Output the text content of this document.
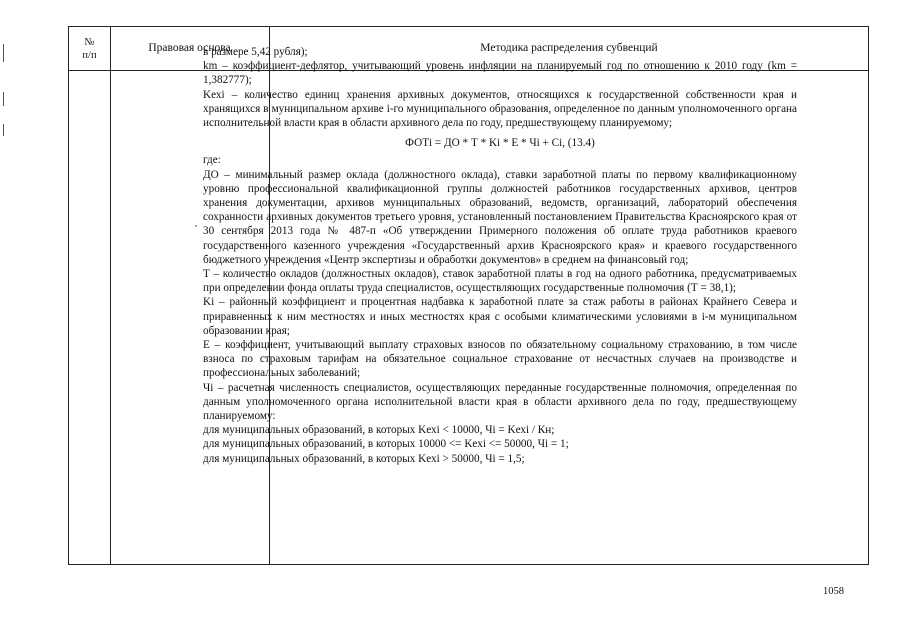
№
п/п
Правовая основа	Методика распределения субвенций

в размере 5,42 рубля);

km – коэффициент-дефлятор, учитывающий уровень инфляции на планируемый год по отношению к 2010 году (km = 1,382777);

Kехi – количество единиц хранения архивных документов, относящихся к государственной собственности края и хранящихся в муниципальном архиве i-го муниципального образования, определенное по данным уполномоченного органа исполнительной власти края в области архивного дела по году, предшествующему планируемому;

ФОТi = ДО * Т * Ki * Е * Чi + Ci, (13.4)

где:

ДО – минимальный размер оклада (должностного оклада), ставки заработной платы по первому квалификационному уровню профессиональной квалификационной группы должностей работников государственных архивов, центров хранения документации, архивов муниципальных образований, ведомств, организаций, лабораторий обеспечения сохранности архивных документов третьего уровня, установленный постановлением Правительства Красноярского края от 30 сентября 2013 года № 487-п «Об утверждении Примерного положения об оплате труда работников краевого государственного казенного учреждения «Государственный архив Красноярского края» и краевого государственного бюджетного учреждения «Центр экспертизы и обработки документов» в среднем на финансовый год;

Т – количество окладов (должностных окладов), ставок заработной платы в год на одного работника, предусматриваемых при определении фонда оплаты труда специалистов, осуществляющих государственные полномочия (Т = 38,1);

Ki – районный коэффициент и процентная надбавка к заработной плате за стаж работы в районах Крайнего Севера и приравненных к ним местностях и иных местностях края с особыми климатическими условиями в i-м муниципальном образовании края;

Е – коэффициент, учитывающий выплату страховых взносов по обязательному социальному страхованию, в том числе взноса по страховым тарифам на обязательное социальное страхование от несчастных случаев на производстве и профессиональных заболеваний;

Чi – расчетная численность специалистов, осуществляющих переданные государственные полномочия, определенная по данным уполномоченного органа исполнительной власти края в области архивного дела по году, предшествующему планируемому:

для муниципальных образований, в которых Kехi < 10000, Чi = Kехi / Кн;

для муниципальных образований, в которых 10000 <= Kехi <= 50000, Чi = 1;

для муниципальных образований, в которых Kехi > 50000, Чi = 1,5;

1058
